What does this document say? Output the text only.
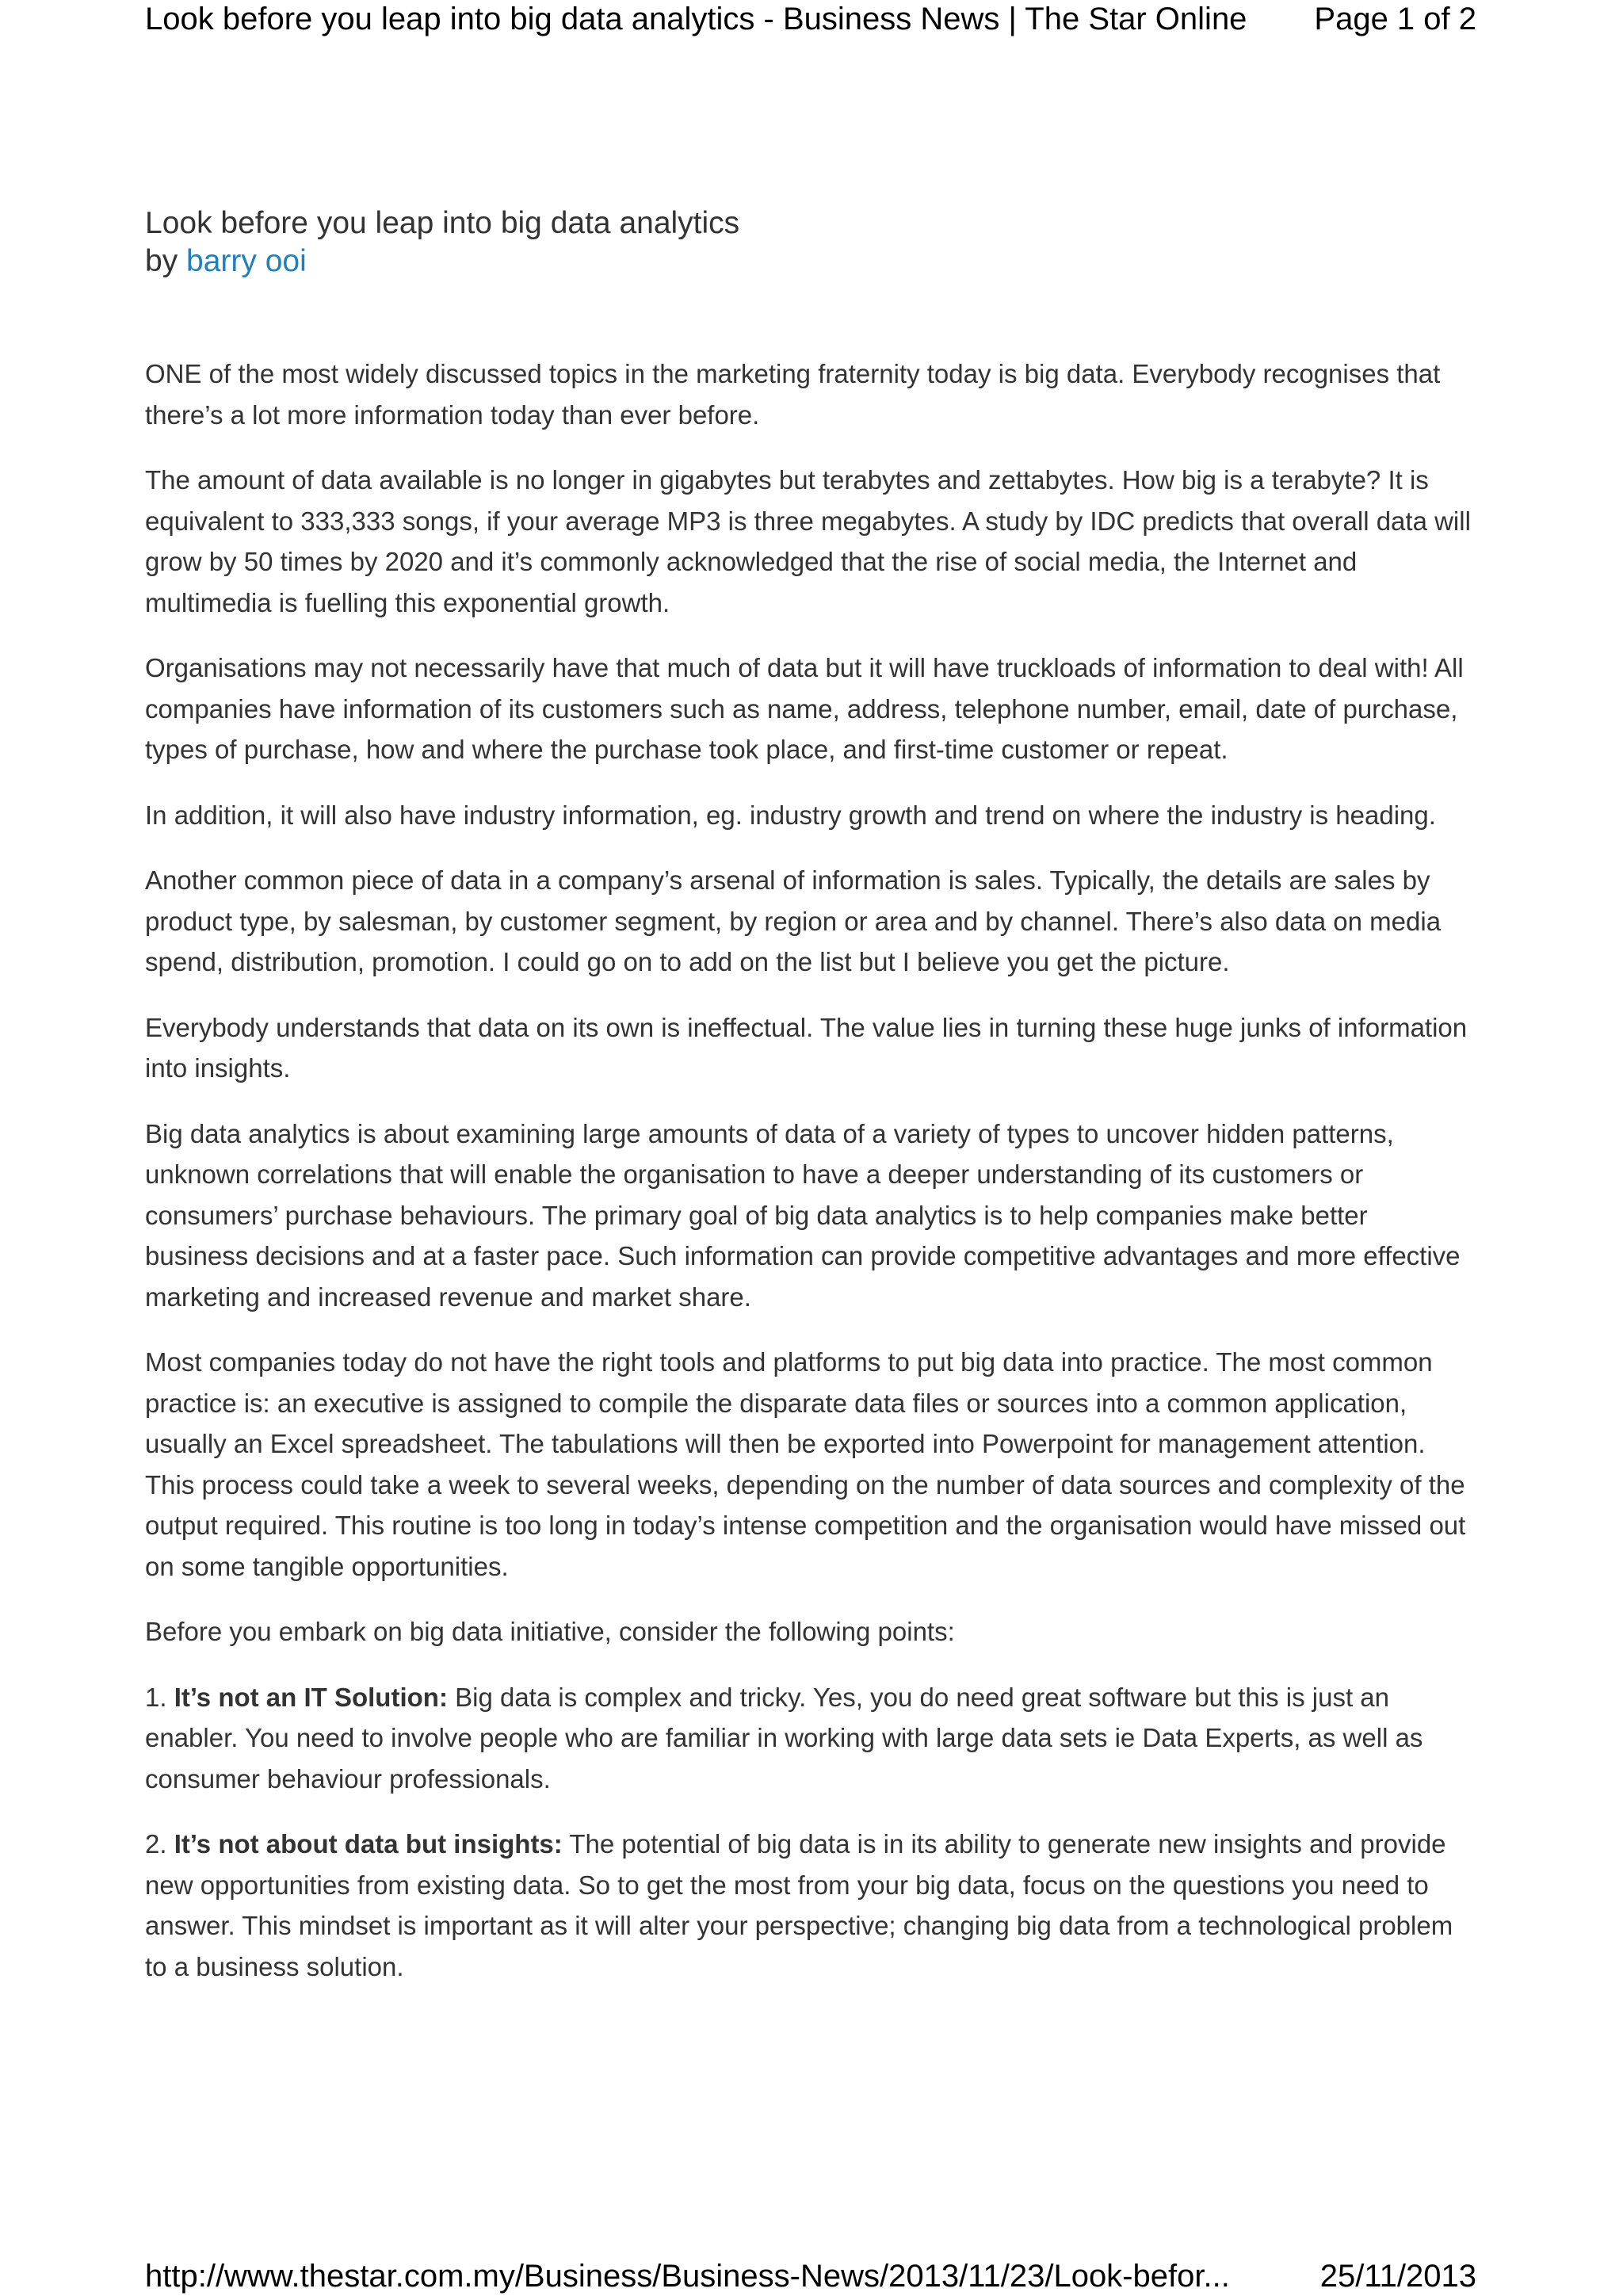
Look before you leap into big data analytics - Business News | The Star Online Page 1 of 2
Look before you leap into big data analytics
by barry ooi

ONE of the most widely discussed topics in the marketing fraternity today is big data. Everybody recognises that there’s a lot more information today than ever before.

The amount of data available is no longer in gigabytes but terabytes and zettabytes. How big is a terabyte? It is equivalent to 333,333 songs, if your average MP3 is three megabytes. A study by IDC predicts that overall data will grow by 50 times by 2020 and it’s commonly acknowledged that the rise of social media, the Internet and multimedia is fuelling this exponential growth.

Organisations may not necessarily have that much of data but it will have truckloads of information to deal with! All companies have information of its customers such as name, address, telephone number, email, date of purchase, types of purchase, how and where the purchase took place, and first-time customer or repeat.

In addition, it will also have industry information, eg. industry growth and trend on where the industry is heading.

Another common piece of data in a company’s arsenal of information is sales. Typically, the details are sales by product type, by salesman, by customer segment, by region or area and by channel. There’s also data on media spend, distribution, promotion. I could go on to add on the list but I believe you get the picture.

Everybody understands that data on its own is ineffectual. The value lies in turning these huge junks of information into insights.

Big data analytics is about examining large amounts of data of a variety of types to uncover hidden patterns, unknown correlations that will enable the organisation to have a deeper understanding of its customers or consumers’ purchase behaviours. The primary goal of big data analytics is to help companies make better business decisions and at a faster pace. Such information can provide competitive advantages and more effective marketing and increased revenue and market share.

Most companies today do not have the right tools and platforms to put big data into practice. The most common practice is: an executive is assigned to compile the disparate data files or sources into a common application, usually an Excel spreadsheet. The tabulations will then be exported into Powerpoint for management attention. This process could take a week to several weeks, depending on the number of data sources and complexity of the output required. This routine is too long in today’s intense competition and the organisation would have missed out on some tangible opportunities.

Before you embark on big data initiative, consider the following points:

1. It’s not an IT Solution: Big data is complex and tricky. Yes, you do need great software but this is just an enabler. You need to involve people who are familiar in working with large data sets ie Data Experts, as well as consumer behaviour professionals.

2. It’s not about data but insights: The potential of big data is in its ability to generate new insights and provide new opportunities from existing data. So to get the most from your big data, focus on the questions you need to answer. This mindset is important as it will alter your perspective; changing big data from a technological problem to a business solution.

http://www.thestar.com.my/Business/Business-News/2013/11/23/Look-befor...	25/11/2013
